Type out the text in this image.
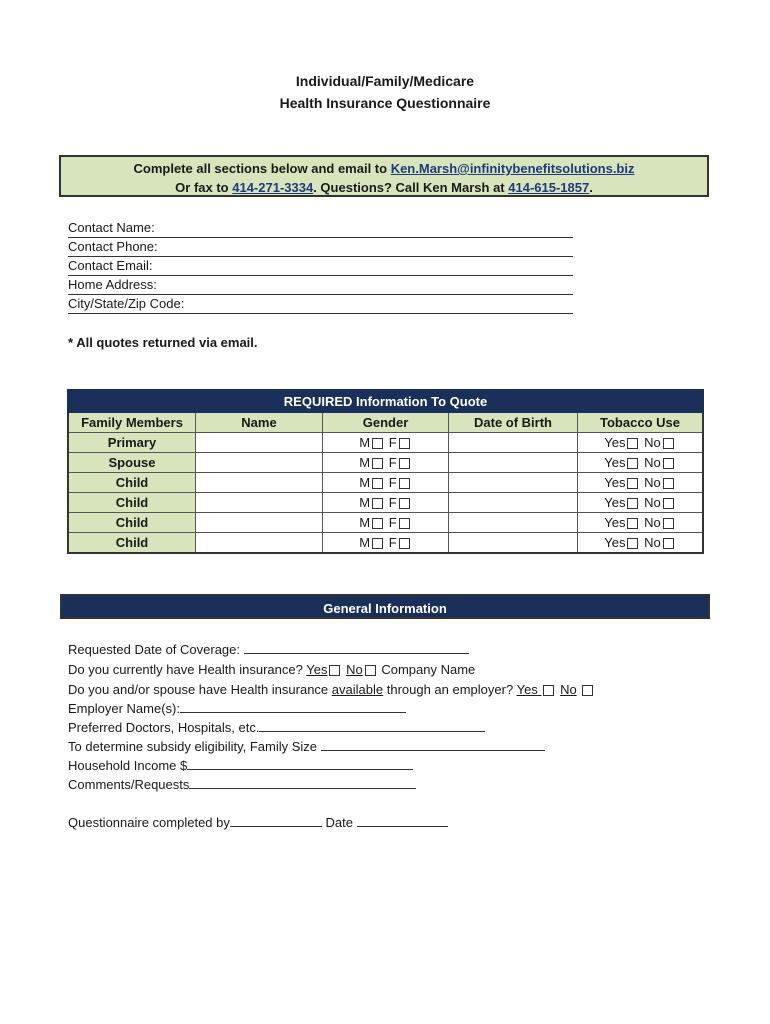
Individual/Family/Medicare
Health Insurance Questionnaire
Complete all sections below and email to Ken.Marsh@infinitybenefitsolutions.biz
Or fax to 414-271-3334. Questions? Call Ken Marsh at 414-615-1857.
Contact Name:
Contact Phone:
Contact Email:
Home Address:
City/State/Zip Code:
* All quotes returned via email.
REQUIRED Information To Quote				
Family Members	Name	Gender	Date of Birth	Tobacco Use
Primary		M F		Yes No
Spouse		M F		Yes No
Child		M F		Yes No
Child		M F		Yes No
Child		M F		Yes No
Child		M F		Yes No
General Information
Requested Date of Coverage:
Do you currently have Health insurance? Yes No Company Name
Do you and/or spouse have Health insurance available through an employer? Yes No
Employer Name(s):
Preferred Doctors, Hospitals, etc.
To determine subsidy eligibility, Family Size
Household Income $
Comments/Requests
Questionnaire completed by	Date
